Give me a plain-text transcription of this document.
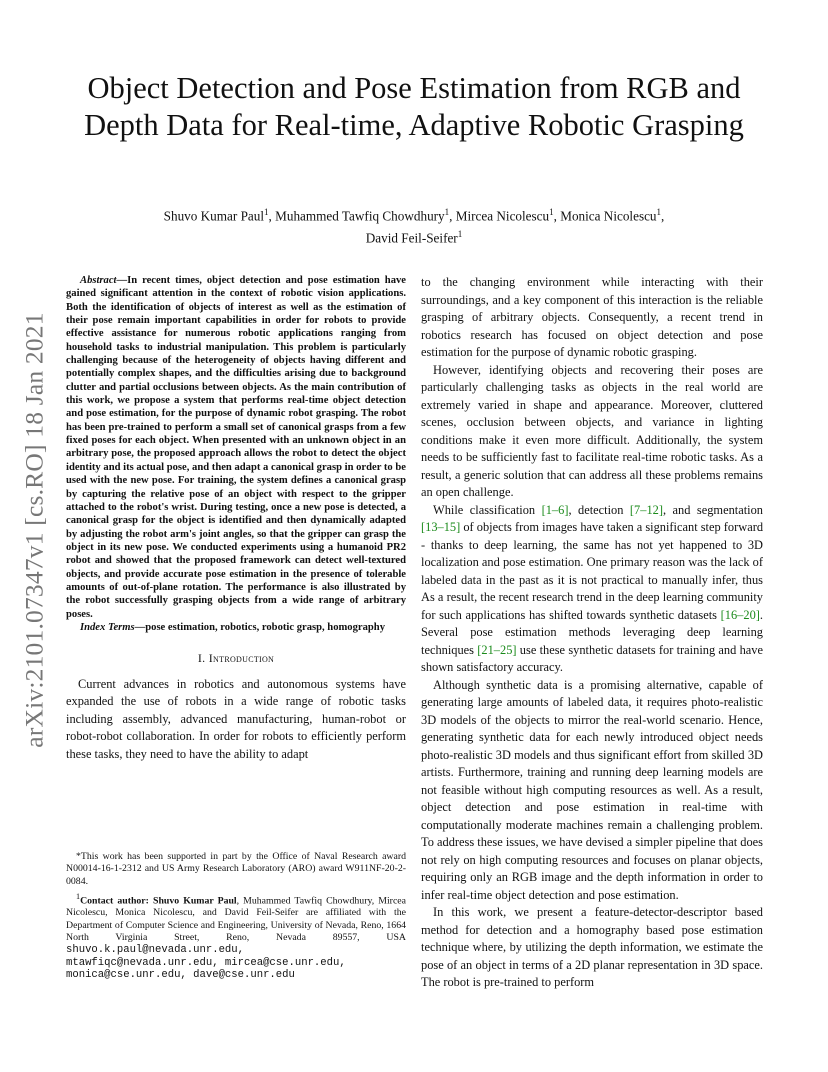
arXiv:2101.07347v1 [cs.RO] 18 Jan 2021
Object Detection and Pose Estimation from RGB and Depth Data for Real-time, Adaptive Robotic Grasping
Shuvo Kumar Paul$^1$, Muhammed Tawfiq Chowdhury$^1$, Mircea Nicolescu$^1$, Monica Nicolescu$^1$,
David Feil-Seifer$^1$

Abstract—In recent times, object detection and pose estimation have gained significant attention in the context of robotic vision applications. Both the identification of objects of interest as well as the estimation of their pose remain important capabilities in order for robots to provide effective assistance for numerous robotic applications ranging from household tasks to industrial manipulation. This problem is particularly challenging because of the heterogeneity of objects having different and potentially complex shapes, and the difficulties arising due to background clutter and partial occlusions between objects. As the main contribution of this work, we propose a system that performs real-time object detection and pose estimation, for the purpose of dynamic robot grasping. The robot has been pre-trained to perform a small set of canonical grasps from a few fixed poses for each object. When presented with an unknown object in an arbitrary pose, the proposed approach allows the robot to detect the object identity and its actual pose, and then adapt a canonical grasp in order to be used with the new pose. For training, the system defines a canonical grasp by capturing the relative pose of an object with respect to the gripper attached to the robot's wrist. During testing, once a new pose is detected, a canonical grasp for the object is identified and then dynamically adapted by adjusting the robot arm's joint angles, so that the gripper can grasp the object in its new pose. We conducted experiments using a humanoid PR2 robot and showed that the proposed framework can detect well-textured objects, and provide accurate pose estimation in the presence of tolerable amounts of out-of-plane rotation. The performance is also illustrated by the robot successfully grasping objects from a wide range of arbitrary poses.

Index Terms—pose estimation, robotics, robotic grasp, homography

I. Introduction

Current advances in robotics and autonomous systems have expanded the use of robots in a wide range of robotic tasks including assembly, advanced manufacturing, human-robot or robot-robot collaboration. In order for robots to efficiently perform these tasks, they need to have the ability to adapt

*This work has been supported in part by the Office of Naval Research award N00014-16-1-2312 and US Army Research Laboratory (ARO) award W911NF-20-2-0084.

$^1$Contact author: Shuvo Kumar Paul, Muhammed Tawfiq Chowdhury, Mircea Nicolescu, Monica Nicolescu, and David Feil-Seifer are affiliated with the Department of Computer Science and Engineering, University of Nevada, Reno, 1664 North Virginia Street, Reno, Nevada 89557, USA shuvo.k.paul@nevada.unr.edu,
mtawfiqc@nevada.unr.edu, mircea@cse.unr.edu,
monica@cse.unr.edu, dave@cse.unr.edu

to the changing environment while interacting with their surroundings, and a key component of this interaction is the reliable grasping of arbitrary objects. Consequently, a recent trend in robotics research has focused on object detection and pose estimation for the purpose of dynamic robotic grasping.

However, identifying objects and recovering their poses are particularly challenging tasks as objects in the real world are extremely varied in shape and appearance. Moreover, cluttered scenes, occlusion between objects, and variance in lighting conditions make it even more difficult. Additionally, the system needs to be sufficiently fast to facilitate real-time robotic tasks. As a result, a generic solution that can address all these problems remains an open challenge.

While classification [1–6], detection [7–12], and segmentation [13–15] of objects from images have taken a significant step forward - thanks to deep learning, the same has not yet happened to 3D localization and pose estimation. One primary reason was the lack of labeled data in the past as it is not practical to manually infer, thus As a result, the recent research trend in the deep learning community for such applications has shifted towards synthetic datasets [16–20]. Several pose estimation methods leveraging deep learning techniques [21–25] use these synthetic datasets for training and have shown satisfactory accuracy.

Although synthetic data is a promising alternative, capable of generating large amounts of labeled data, it requires photo-realistic 3D models of the objects to mirror the real-world scenario. Hence, generating synthetic data for each newly introduced object needs photo-realistic 3D models and thus significant effort from skilled 3D artists. Furthermore, training and running deep learning models are not feasible without high computing resources as well. As a result, object detection and pose estimation in real-time with computationally moderate machines remain a challenging problem. To address these issues, we have devised a simpler pipeline that does not rely on high computing resources and focuses on planar objects, requiring only an RGB image and the depth information in order to infer real-time object detection and pose estimation.

In this work, we present a feature-detector-descriptor based method for detection and a homography based pose estimation technique where, by utilizing the depth information, we estimate the pose of an object in terms of a 2D planar representation in 3D space. The robot is pre-trained to perform
